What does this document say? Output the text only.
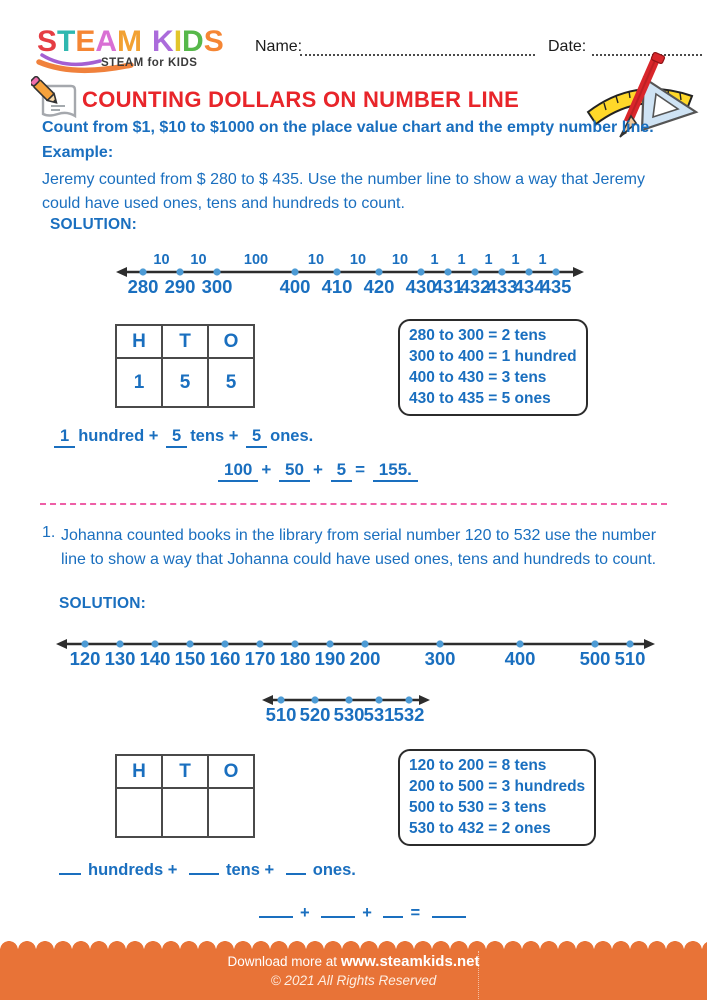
STEAM KIDS
STEAM for KIDS
Name:	Date:
COUNTING DOLLARS ON NUMBER LINE
Count from $1, $10 to $1000 on the place value chart and the empty number line.
Example:
Jeremy counted from $ 280 to $ 435. Use the number line to show a way that Jeremy could have used ones, tens and hundreds to count.
SOLUTION:
280 290 300	400 410 420 430
431
432
433
434
435
10 10	100	10 10 10 1 1 1 1 1
H	T	O
1	5	5
280 to 300 = 2 tens
300 to 400 = 1 hundred
400 to 430 = 3 tens
430 to 435 = 5 ones
1 hundred + 5 tens + 5 ones.
100 + 50 + 5 = 155.
1. Johanna counted books in the library from serial number 120 to 532 use the number line to show a way that Johanna could have used ones, tens and hundreds to count.
SOLUTION:
120 130 140 150 160 170 180 190 200 300	400 500 510
510 520 530 531 532
H	T	O
			120 to 200 = 8 tens
200 to 500 = 3 hundreds
500 to 530 = 3 tens
530 to 432 = 2 ones
hundreds +	tens + ones.
+	+ =
Download more at www.steamkids.net
© 2021 All Rights Reserved
